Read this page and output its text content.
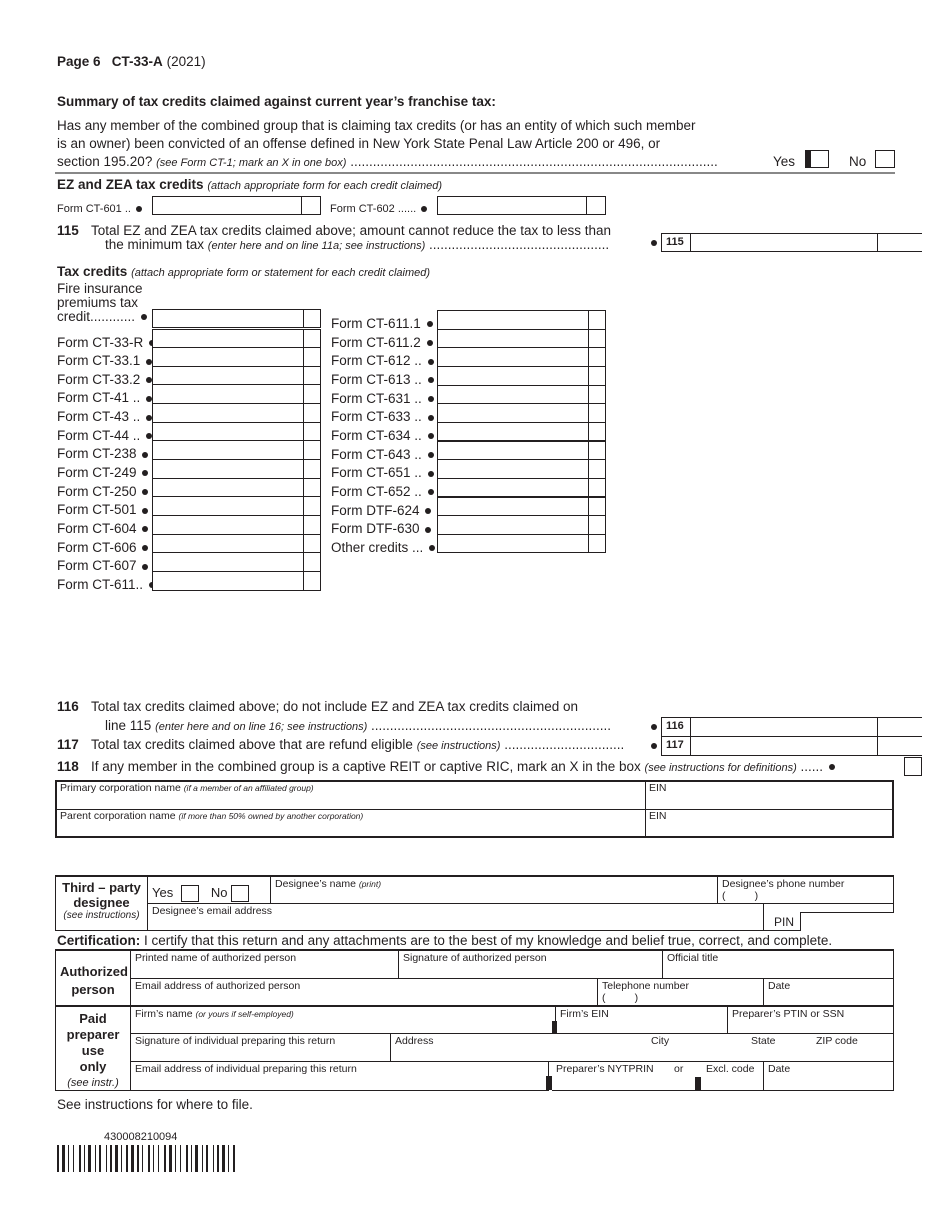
Page 6 CT-33-A (2021)
Summary of tax credits claimed against current year’s franchise tax:
Has any member of the combined group that is claiming tax credits (or has an entity of which such member
is an owner) been convicted of an offense defined in New York State Penal Law Article 200 or 496, or
section 195.20? (see Form CT-1; mark an X in one box) ..................................................................................................	Yes	No
EZ and ZEA tax credits (attach appropriate form for each credit claimed)
Form CT-601 ..	Form CT-602 ......
115 Total EZ and ZEA tax credits claimed above; amount cannot reduce the tax to less than
the minimum tax (enter here and on line 11a; see instructions) ................................................	115
Tax credits (attach appropriate form or statement for each credit claimed)
Fire insurance
premiums tax
credit............
Form CT-33-R
Form CT-33.1
Form CT-33.2
Form CT-41 ..
Form CT-43 ..
Form CT-44 ..
Form CT-238
Form CT-249
Form CT-250
Form CT-501
Form CT-604
Form CT-606
Form CT-607
Form CT-611..
Form CT-611.1
Form CT-611.2
Form CT-612 ..
Form CT-613 ..
Form CT-631 ..
Form CT-633 ..
Form CT-634 ..
Form CT-643 ..
Form CT-651 ..
Form CT-652 ..
Form DTF-624
Form DTF-630
Other credits ...
116 Total tax credits claimed above; do not include EZ and ZEA tax credits claimed on
line 115 (enter here and on line 16; see instructions) ................................................................	116
117 Total tax credits claimed above that are refund eligible (see instructions) ................................	117
118 If any member in the combined group is a captive REIT or captive RIC, mark an X in the box (see instructions for definitions) ......
Primary corporation name (if a member of an affiliated group)	EIN
Parent corporation name (if more than 50% owned by another corporation)	EIN
Third – party
designee
(see instructions)
Yes	No
Designee’s name (print)	Designee’s phone number
(          )
Designee’s email address
PIN
Certification: I certify that this return and any attachments are to the best of my knowledge and belief true, correct, and complete.
Authorized
person
Printed name of authorized person	Signature of authorized person	Official title
Email address of authorized person	Telephone number
(          )
Date
Paid
preparer
use
only
(see instr.)
Firm’s name (or yours if self-employed)	Firm’s EIN	Preparer’s PTIN or SSN
Signature of individual preparing this return	Address	City	State	ZIP code
Email address of individual preparing this return	Preparer’s NYTPRIN or Excl. code	Date
See instructions for where to file.
430008210094
